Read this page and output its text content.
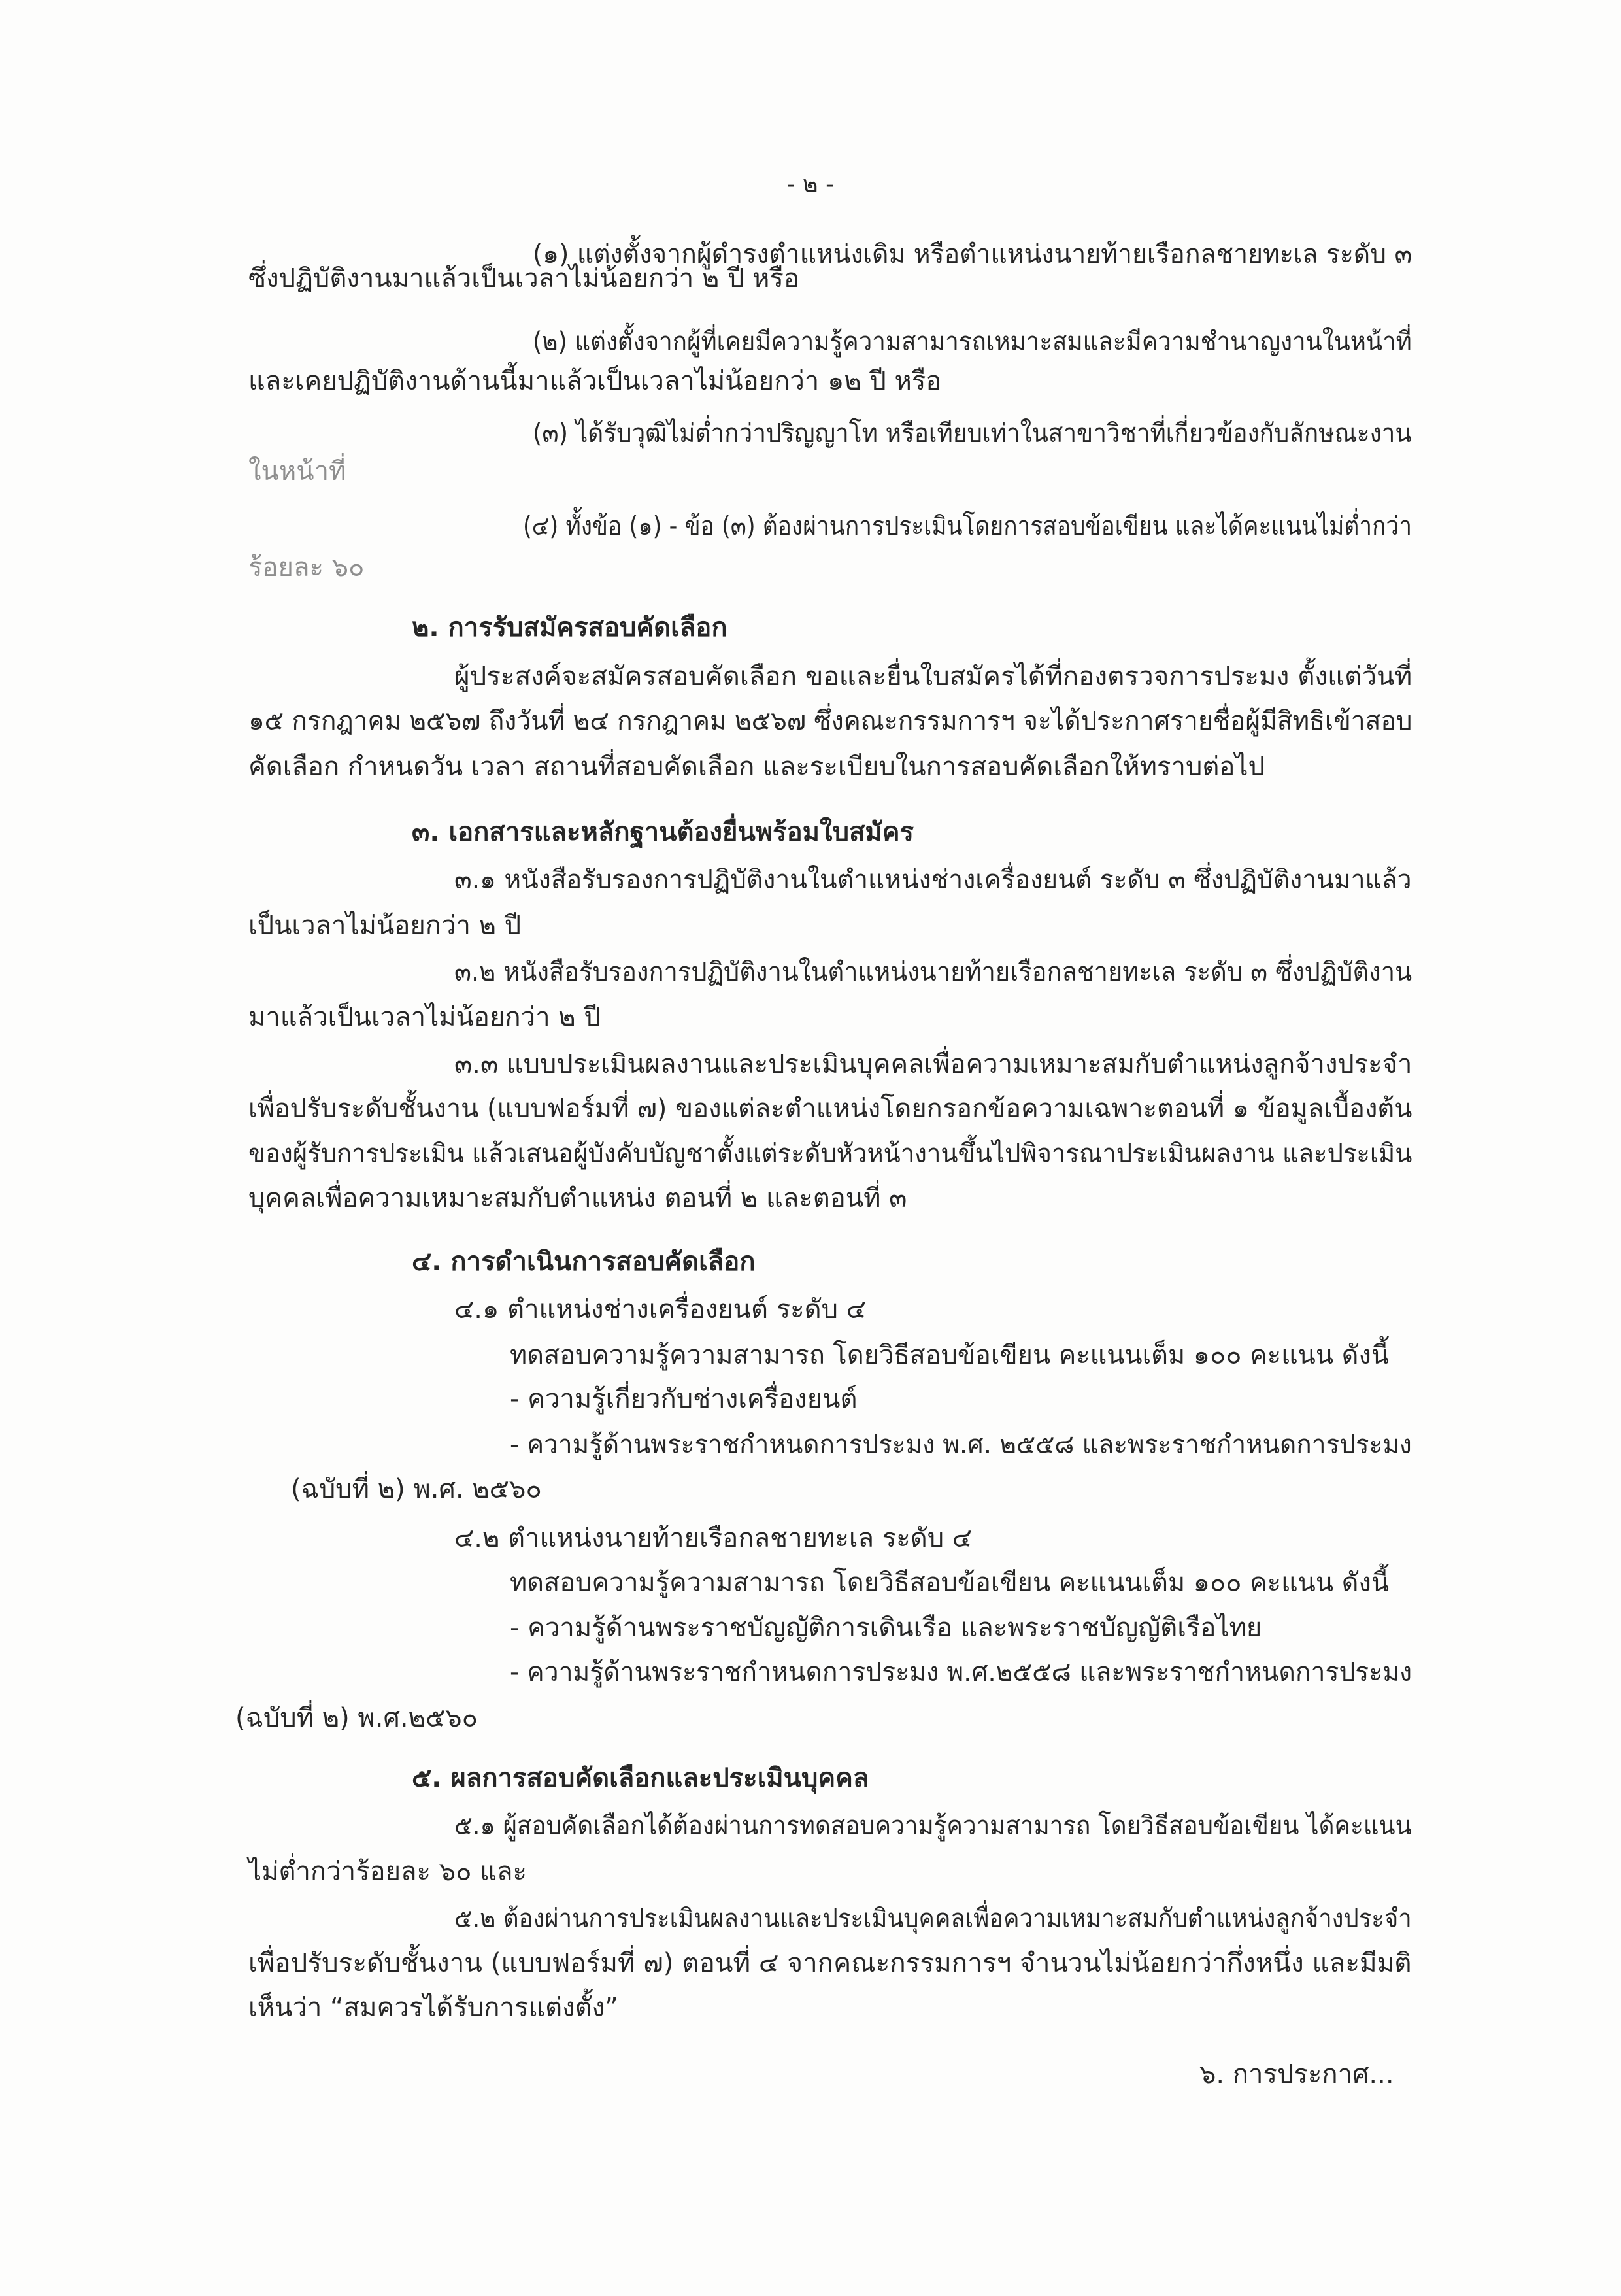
- ๒ -
(๑) แต่งตั้งจากผู้ดำรงตำแหน่งเดิม หรือตำแหน่งนายท้ายเรือกลชายทะเล ระดับ ๓
ซึ่งปฏิบัติงานมาแล้วเป็นเวลาไม่น้อยกว่า ๒ ปี หรือ
(๒) แต่งตั้งจากผู้ที่เคยมีความรู้ความสามารถเหมาะสมและมีความชำนาญงานในหน้าที่
และเคยปฏิบัติงานด้านนี้มาแล้วเป็นเวลาไม่น้อยกว่า ๑๒ ปี หรือ
(๓) ได้รับวุฒิไม่ต่ำกว่าปริญญาโท หรือเทียบเท่าในสาขาวิชาที่เกี่ยวข้องกับลักษณะงาน
ในหน้าที่
(๔) ทั้งข้อ (๑) - ข้อ (๓) ต้องผ่านการประเมินโดยการสอบข้อเขียน และได้คะแนนไม่ต่ำกว่า
ร้อยละ ๖๐
๒. การรับสมัครสอบคัดเลือก
ผู้ประสงค์จะสมัครสอบคัดเลือก ขอและยื่นใบสมัครได้ที่กองตรวจการประมง ตั้งแต่วันที่
๑๕ กรกฎาคม ๒๕๖๗ ถึงวันที่ ๒๔ กรกฎาคม ๒๕๖๗ ซึ่งคณะกรรมการฯ จะได้ประกาศรายชื่อผู้มีสิทธิเข้าสอบ
คัดเลือก กำหนดวัน เวลา สถานที่สอบคัดเลือก และระเบียบในการสอบคัดเลือกให้ทราบต่อไป
๓. เอกสารและหลักฐานต้องยื่นพร้อมใบสมัคร
๓.๑ หนังสือรับรองการปฏิบัติงานในตำแหน่งช่างเครื่องยนต์ ระดับ ๓ ซึ่งปฏิบัติงานมาแล้ว
เป็นเวลาไม่น้อยกว่า ๒ ปี
๓.๒ หนังสือรับรองการปฏิบัติงานในตำแหน่งนายท้ายเรือกลชายทะเล ระดับ ๓ ซึ่งปฏิบัติงาน
มาแล้วเป็นเวลาไม่น้อยกว่า ๒ ปี
๓.๓ แบบประเมินผลงานและประเมินบุคคลเพื่อความเหมาะสมกับตำแหน่งลูกจ้างประจำ
เพื่อปรับระดับชั้นงาน (แบบฟอร์มที่ ๗) ของแต่ละตำแหน่งโดยกรอกข้อความเฉพาะตอนที่ ๑ ข้อมูลเบื้องต้น
ของผู้รับการประเมิน แล้วเสนอผู้บังคับบัญชาตั้งแต่ระดับหัวหน้างานขึ้นไปพิจารณาประเมินผลงาน และประเมิน
บุคคลเพื่อความเหมาะสมกับตำแหน่ง ตอนที่ ๒ และตอนที่ ๓
๔. การดำเนินการสอบคัดเลือก
๔.๑ ตำแหน่งช่างเครื่องยนต์ ระดับ ๔
ทดสอบความรู้ความสามารถ โดยวิธีสอบข้อเขียน คะแนนเต็ม ๑๐๐ คะแนน ดังนี้
- ความรู้เกี่ยวกับช่างเครื่องยนต์
- ความรู้ด้านพระราชกำหนดการประมง พ.ศ. ๒๕๕๘ และพระราชกำหนดการประมง
(ฉบับที่ ๒) พ.ศ. ๒๕๖๐
๔.๒ ตำแหน่งนายท้ายเรือกลชายทะเล ระดับ ๔
ทดสอบความรู้ความสามารถ โดยวิธีสอบข้อเขียน คะแนนเต็ม ๑๐๐ คะแนน ดังนี้
- ความรู้ด้านพระราชบัญญัติการเดินเรือ และพระราชบัญญัติเรือไทย
- ความรู้ด้านพระราชกำหนดการประมง พ.ศ.๒๕๕๘ และพระราชกำหนดการประมง
(ฉบับที่ ๒) พ.ศ.๒๕๖๐
๕. ผลการสอบคัดเลือกและประเมินบุคคล
๕.๑ ผู้สอบคัดเลือกได้ต้องผ่านการทดสอบความรู้ความสามารถ โดยวิธีสอบข้อเขียน ได้คะแนน
ไม่ต่ำกว่าร้อยละ ๖๐ และ
๕.๒ ต้องผ่านการประเมินผลงานและประเมินบุคคลเพื่อความเหมาะสมกับตำแหน่งลูกจ้างประจำ
เพื่อปรับระดับชั้นงาน (แบบฟอร์มที่ ๗) ตอนที่ ๔ จากคณะกรรมการฯ จำนวนไม่น้อยกว่ากึ่งหนึ่ง และมีมติ
เห็นว่า “สมควรได้รับการแต่งตั้ง”
๖. การประกาศ...
